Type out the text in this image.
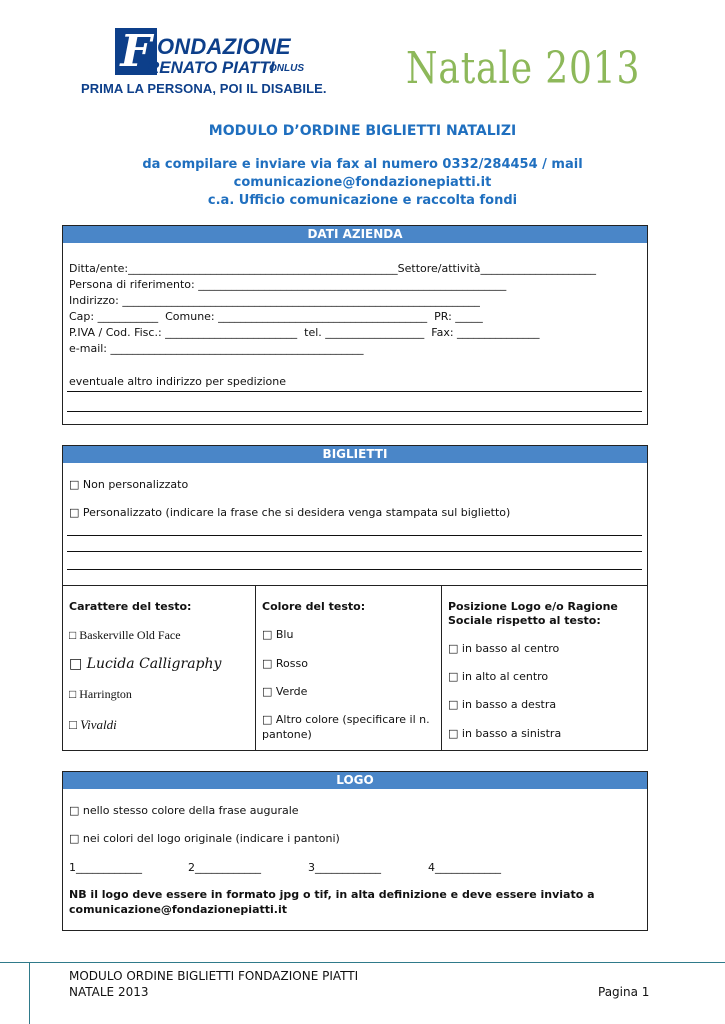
F ONDAZIONE
RENATO PIATTI
ONLUS
PRIMA LA PERSONA, POI IL DISABILE. Natale 2013
MODULO D’ORDINE BIGLIETTI NATALIZI
da compilare e inviare via fax al numero 0332/284454 / mail
comunicazione@fondazionepiatti.it
c.a. Ufficio comunicazione e raccolta fondi
DATI AZIENDA
Ditta/ente:_________________________________________________Settore/attività_____________________
Persona di riferimento: ________________________________________________________
Indirizzo: _________________________________________________________________
Cap: ___________  Comune: ______________________________________  PR: _____
P.IVA / Cod. Fisc.: ________________________  tel. __________________  Fax: _______________
e-mail: ______________________________________________
eventuale altro indirizzo per spedizione
BIGLIETTI
□ Non personalizzato
□ Personalizzato (indicare la frase che si desidera venga stampata sul biglietto)
Carattere del testo:
□ Baskerville Old Face
□ Lucida Calligraphy
□ Harrington
□ Vivaldi
Colore del testo:
□ Blu
□ Rosso
□ Verde
□ Altro colore (specificare il n.
pantone)
Posizione Logo e/o Ragione
Sociale rispetto al testo:
□ in basso al centro
□ in alto al centro
□ in basso a destra
□ in basso a sinistra
LOGO
□ nello stesso colore della frase augurale
□ nei colori del logo originale (indicare i pantoni)
1____________	2____________	3____________	4____________
NB il logo deve essere in formato jpg o tif, in alta definizione e deve essere inviato a
comunicazione@fondazionepiatti.it
MODULO ORDINE BIGLIETTI FONDAZIONE PIATTI
NATALE 2013	Pagina 1
